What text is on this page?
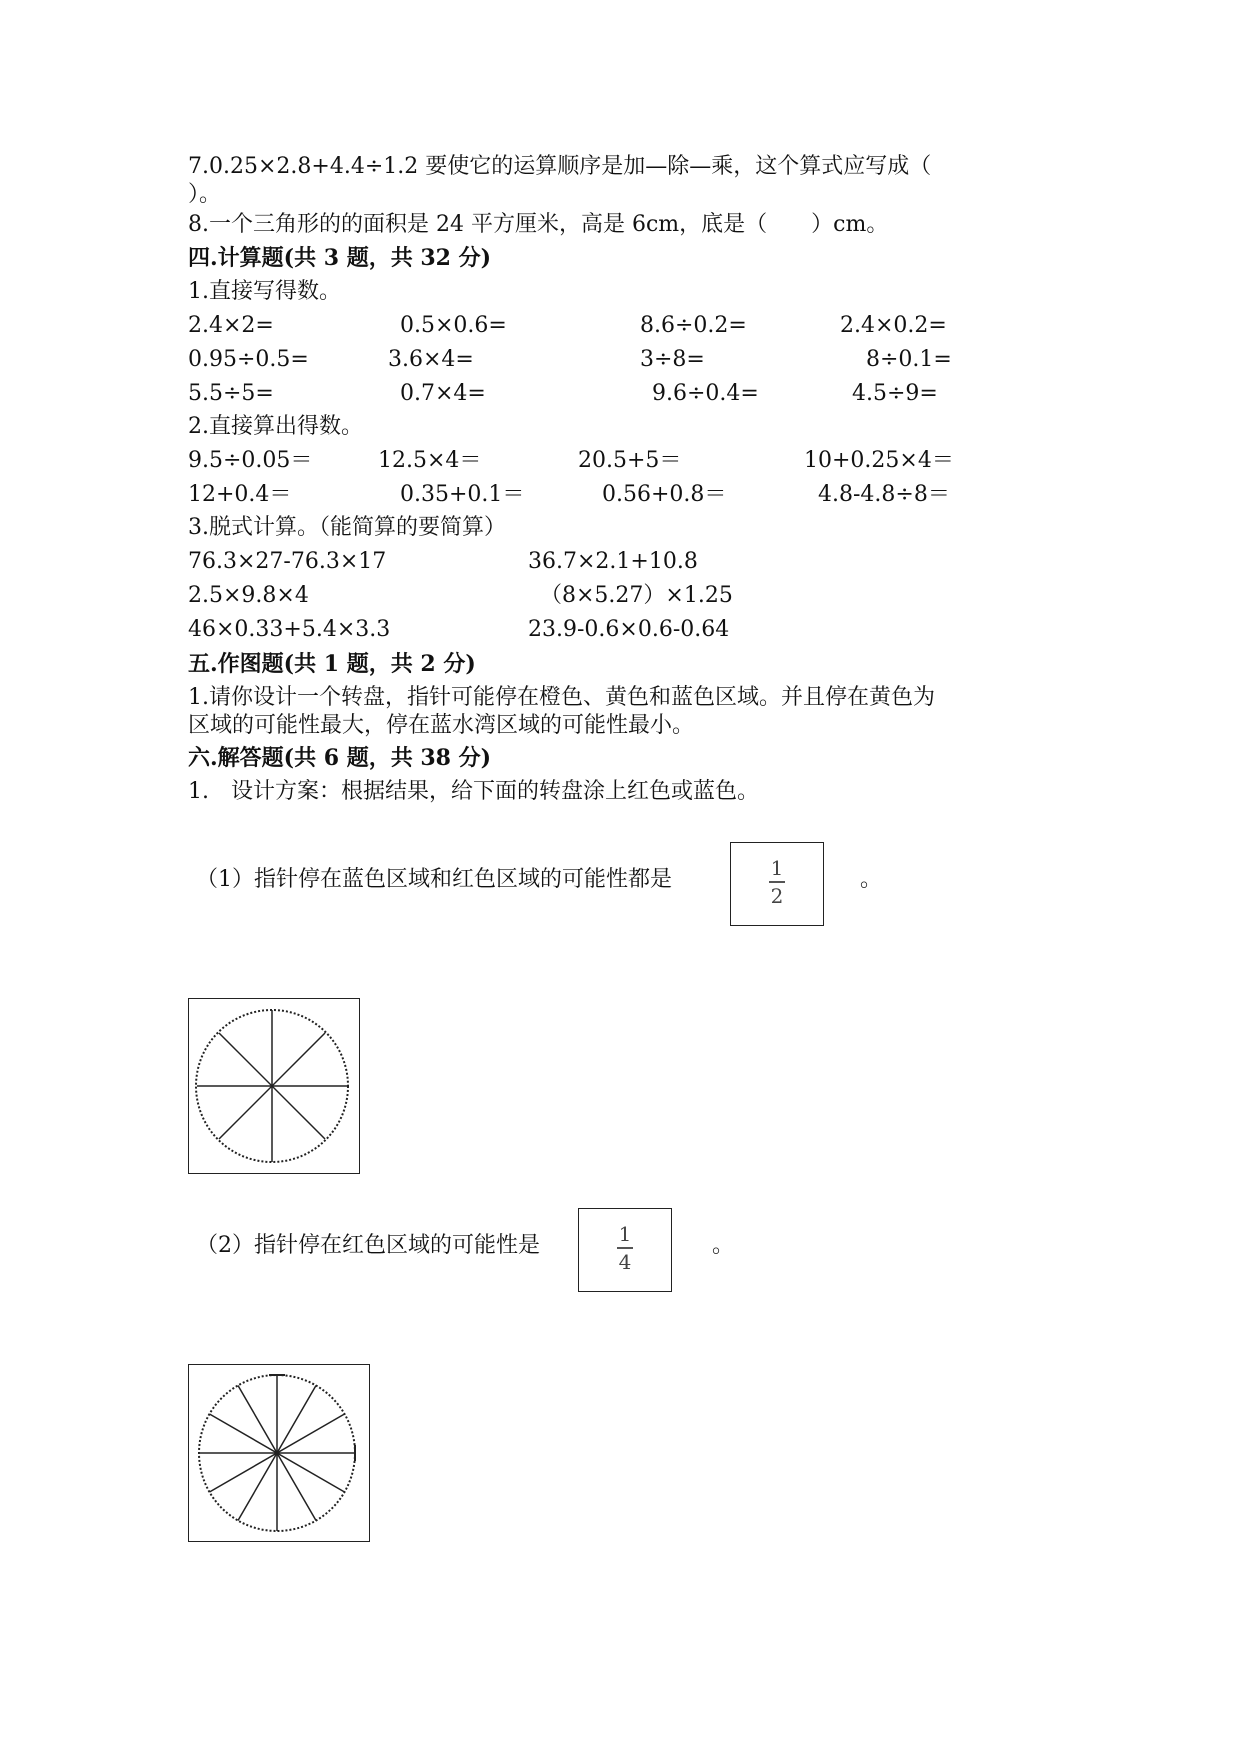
7.0.25×2.8+4.4÷1.2 要使它的运算顺序是加—除—乘，这个算式应写成（
）。
8.一个三角形的的面积是 24 平方厘米，高是 6cm，底是（　　）cm。
四.计算题(共 3 题，共 32 分)
1.直接写得数。
2.4×2=	0.5×0.6=	8.6÷0.2=	2.4×0.2=
0.95÷0.5=	3.6×4=	3÷8=	8÷0.1=
5.5÷5=	0.7×4=	9.6÷0.4=	4.5÷9=
2.直接算出得数。
9.5÷0.05＝	12.5×4＝	20.5+5＝	10+0.25×4＝
12+0.4＝	0.35+0.1＝	0.56+0.8＝	4.8-4.8÷8＝
3.脱式计算。（能简算的要简算）
76.3×27-76.3×17	36.7×2.1+10.8
2.5×9.8×4	（8×5.27）×1.25
46×0.33+5.4×3.3	23.9-0.6×0.6-0.64
五.作图题(共 1 题，共 2 分)
1.请你设计一个转盘，指针可能停在橙色、黄色和蓝色区域。并且停在黄色为
区域的可能性最大，停在蓝水湾区域的可能性最小。
六.解答题(共 6 题，共 38 分)
1.　设计方案：根据结果，给下面的转盘涂上红色或蓝色。
（1）指针停在蓝色区域和红色区域的可能性都是	1
2
。
（2）指针停在红色区域的可能性是	1
4
。
